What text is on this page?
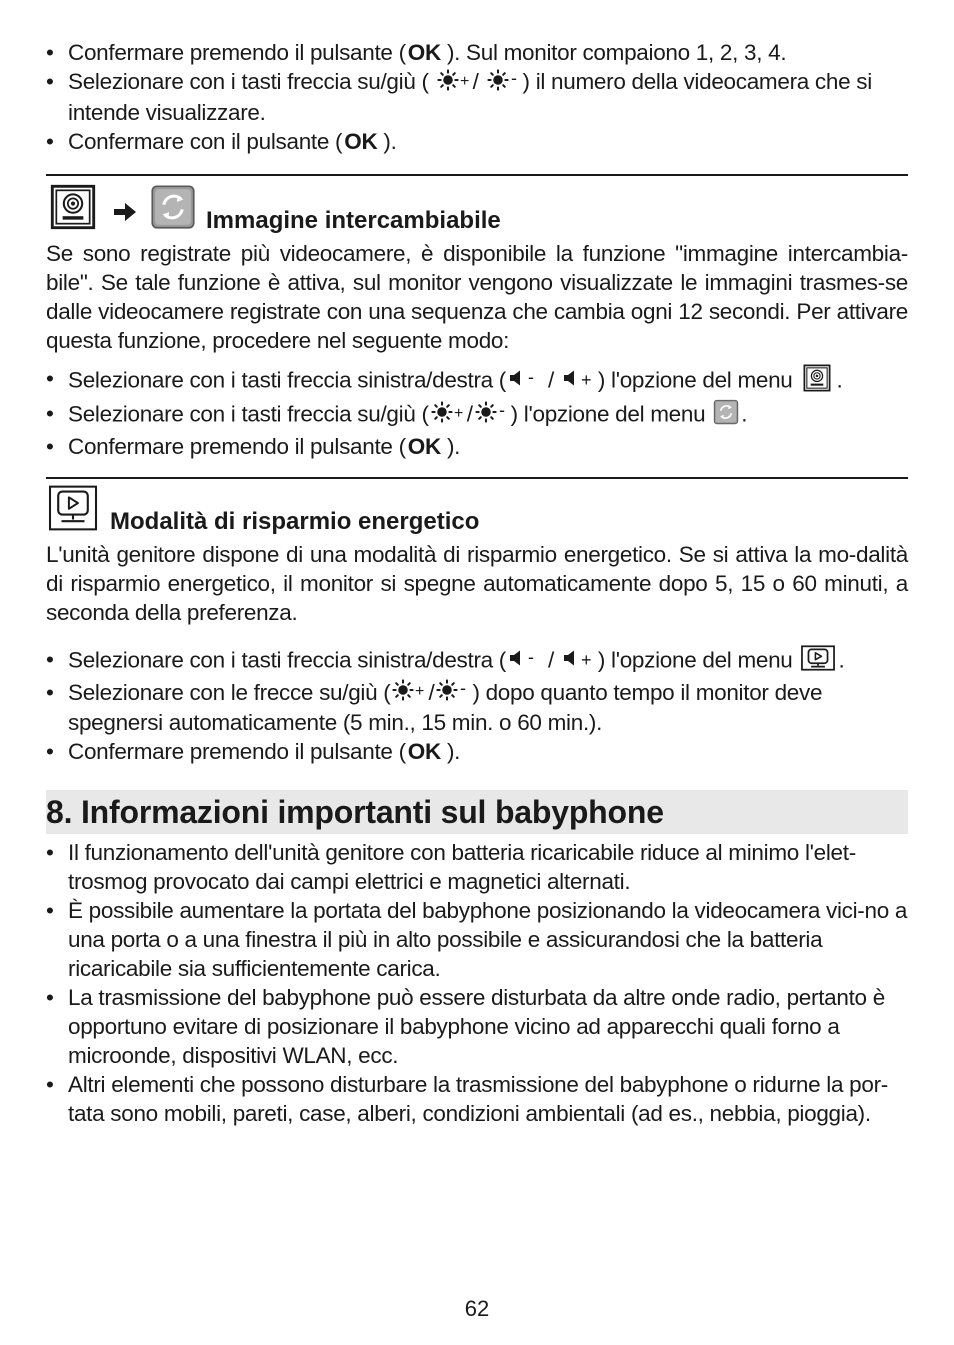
• Confermare premendo il pulsante (OK ). Sul monitor compaiono 1, 2, 3, 4.
• Selezionare con i tasti freccia su/giù ( + / - ) il numero della videocamera che si intende visualizzare.
• Confermare con il pulsante (OK ).
Immagine intercambiabile

Se sono registrate più videocamere, è disponibile la funzione "immagine intercambia-bile". Se tale funzione è attiva, sul monitor vengono visualizzate le immagini trasmes-se dalle videocamere registrate con una sequenza che cambia ogni 12 secondi. Per attivare questa funzione, procedere nel seguente modo:

• Selezionare con i tasti freccia sinistra/destra ( - / + ) l'opzione del menu .
• Selezionare con i tasti freccia su/giù ( + / - ) l'opzione del menu .
• Confermare premendo il pulsante (OK ).
Modalità di risparmio energetico

L'unità genitore dispone di una modalità di risparmio energetico. Se si attiva la mo-dalità di risparmio energetico, il monitor si spegne automaticamente dopo 5, 15 o 60 minuti, a seconda della preferenza.

• Selezionare con i tasti freccia sinistra/destra ( - / + ) l'opzione del menu .
• Selezionare con le frecce su/giù ( + / - ) dopo quanto tempo il monitor deve spegnersi automaticamente (5 min., 15 min. o 60 min.).
• Confermare premendo il pulsante (OK ).
8. Informazioni importanti sul babyphone
• Il funzionamento dell'unità genitore con batteria ricaricabile riduce al minimo l'elet-trosmog provocato dai campi elettrici e magnetici alternati.
• È possibile aumentare la portata del babyphone posizionando la videocamera vici-no a una porta o a una finestra il più in alto possibile e assicurandosi che la batteria ricaricabile sia sufficientemente carica.
• La trasmissione del babyphone può essere disturbata da altre onde radio, pertanto è opportuno evitare di posizionare il babyphone vicino ad apparecchi quali forno a microonde, dispositivi WLAN, ecc.
• Altri elementi che possono disturbare la trasmissione del babyphone o ridurne la por-tata sono mobili, pareti, case, alberi, condizioni ambientali (ad es., nebbia, pioggia).
62
